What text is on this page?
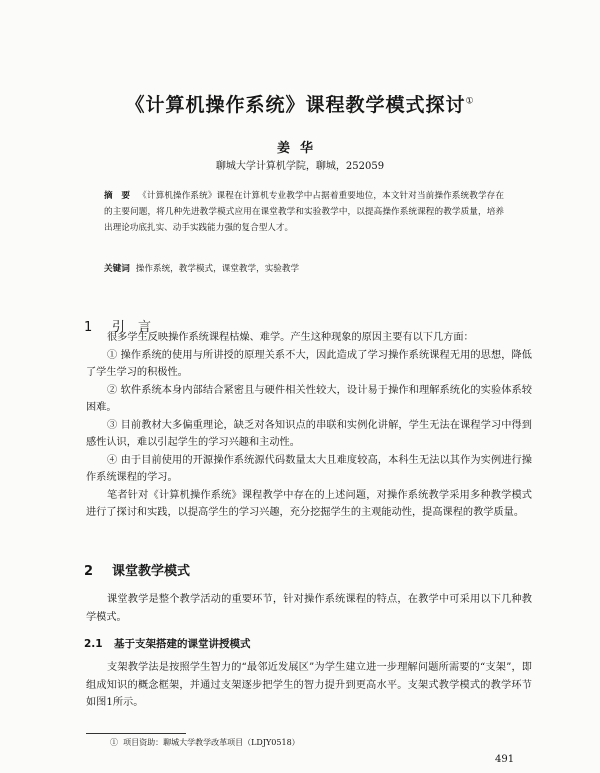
《计算机操作系统》课程教学模式探讨①
姜华
聊城大学计算机学院，聊城，252059
摘　要 《计算机操作系统》课程在计算机专业教学中占据着重要地位，本文针对当前操作系统教学存在的主要问题，将几种先进教学模式应用在课堂教学和实验教学中，以提高操作系统课程的教学质量，培养出理论功底扎实、动手实践能力强的复合型人才。
关键词 操作系统，教学模式，课堂教学，实验教学
1 引　言

很多学生反映操作系统课程枯燥、难学。产生这种现象的原因主要有以下几方面：

① 操作系统的使用与所讲授的原理关系不大，因此造成了学习操作系统课程无用的思想，降低了学生学习的积极性。

② 软件系统本身内部结合紧密且与硬件相关性较大，设计易于操作和理解系统化的实验体系较困难。

③ 目前教材大多偏重理论，缺乏对各知识点的串联和实例化讲解，学生无法在课程学习中得到感性认识，难以引起学生的学习兴趣和主动性。

④ 由于目前使用的开源操作系统源代码数量太大且难度较高，本科生无法以其作为实例进行操作系统课程的学习。

笔者针对《计算机操作系统》课程教学中存在的上述问题，对操作系统教学采用多种教学模式进行了探讨和实践，以提高学生的学习兴趣，充分挖掘学生的主观能动性，提高课程的教学质量。

2 课堂教学模式

课堂教学是整个教学活动的重要环节，针对操作系统课程的特点，在教学中可采用以下几种教学模式。

2.1 基于支架搭建的课堂讲授模式

支架教学法是按照学生智力的“最邻近发展区”为学生建立进一步理解问题所需要的“支架”，即组成知识的概念框架，并通过支架逐步把学生的智力提升到更高水平。支架式教学模式的教学环节如图1所示。

① 项目资助：聊城大学教学改革项目（LDJY0518）
491
